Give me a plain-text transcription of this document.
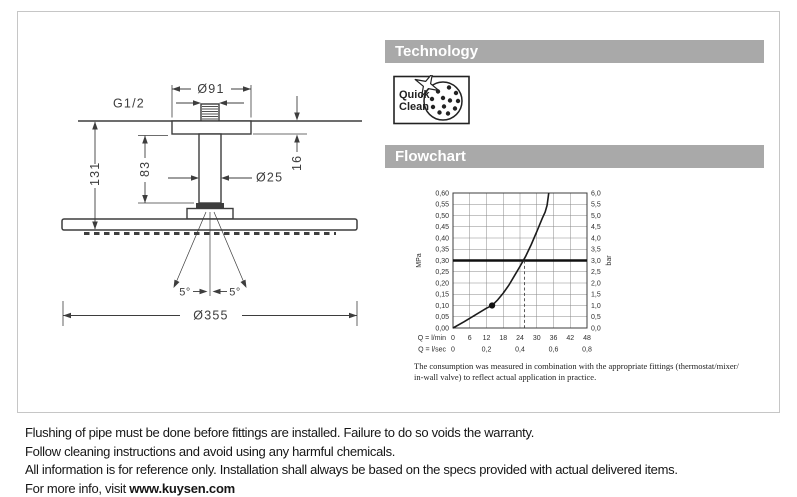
Ø91
G1/2
16
83
Ø25
131
5°	5°
Ø355
Technology
Quick
Clean
Flowchart
0,00
0,05
0,10
0,15
0,20
0,25
0,30
0,35
0,40
0,45
0,50
0,55
0,60
0,0
0,5
1,0
1,5
2,0
2,5
3,0
3,5
4,0
4,5
5,0
5,5
6,0
0 6 12 18 24 30 36 42 48
0	0,2	0,4	0,6	0,8
Q = l/min
Q = l/sec
MPa	bar
The consumption was measured in combination with the appropriate fittings (thermostat/mixer/
in-wall valve) to reflect actual application in practice.
Flushing of pipe must be done before fittings are installed. Failure to do so voids the warranty.
Follow cleaning instructions and avoid using any harmful chemicals.
All information is for reference only. Installation shall always be based on the specs provided with actual delivered items.
For more info, visit www.kuysen.com
